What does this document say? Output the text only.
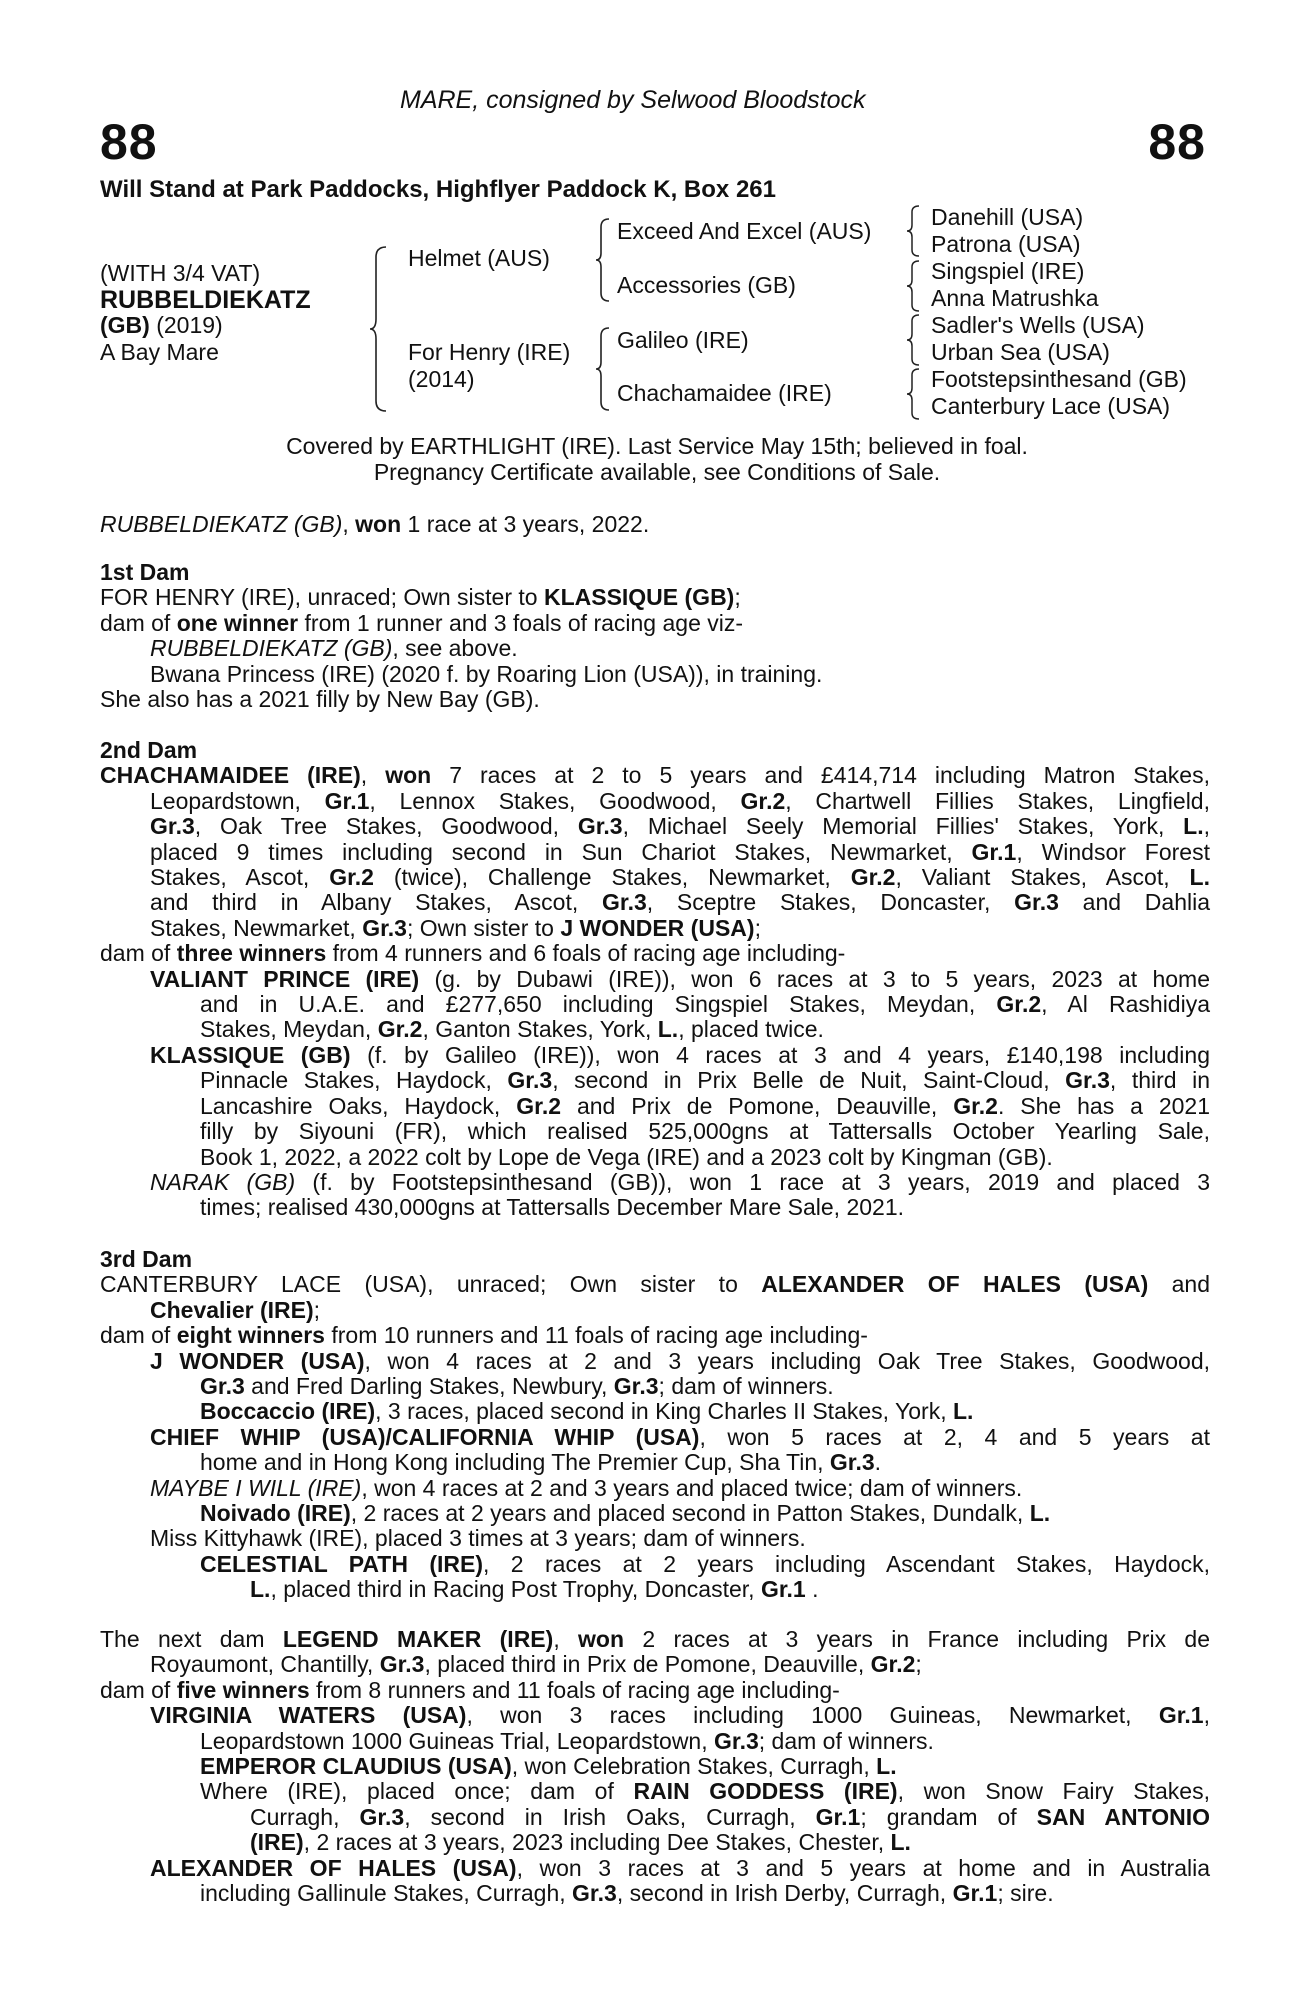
MARE, consigned by Selwood Bloodstock
88	88
Will Stand at Park Paddocks, Highflyer Paddock K, Box 261
(WITH 3/4 VAT)
RUBBELDIEKATZ
(GB) (2019)
A Bay Mare
Helmet (AUS)
For Henry (IRE)
(2014)
Exceed And Excel (AUS)
Accessories (GB)
Galileo (IRE)
Chachamaidee (IRE)
Danehill (USA)
Patrona (USA)
Singspiel (IRE)
Anna Matrushka
Sadler's Wells (USA)
Urban Sea (USA)
Footstepsinthesand (GB)
Canterbury Lace (USA)
Covered by EARTHLIGHT (IRE). Last Service May 15th; believed in foal.
Pregnancy Certificate available, see Conditions of Sale.
RUBBELDIEKATZ (GB), won 1 race at 3 years, 2022.
1st Dam
FOR HENRY (IRE), unraced; Own sister to KLASSIQUE (GB);
dam of one winner from 1 runner and 3 foals of racing age viz-
RUBBELDIEKATZ (GB), see above.
Bwana Princess (IRE) (2020 f. by Roaring Lion (USA)), in training.
She also has a 2021 filly by New Bay (GB).
2nd Dam
CHACHAMAIDEE (IRE), won 7 races at 2 to 5 years and £414,714 including Matron Stakes,
Leopardstown, Gr.1, Lennox Stakes, Goodwood, Gr.2, Chartwell Fillies Stakes, Lingfield,
Gr.3, Oak Tree Stakes, Goodwood, Gr.3, Michael Seely Memorial Fillies' Stakes, York, L.,
placed 9 times including second in Sun Chariot Stakes, Newmarket, Gr.1, Windsor Forest
Stakes, Ascot, Gr.2 (twice), Challenge Stakes, Newmarket, Gr.2, Valiant Stakes, Ascot, L.
and third in Albany Stakes, Ascot, Gr.3, Sceptre Stakes, Doncaster, Gr.3 and Dahlia
Stakes, Newmarket, Gr.3; Own sister to J WONDER (USA);
dam of three winners from 4 runners and 6 foals of racing age including-
VALIANT PRINCE (IRE) (g. by Dubawi (IRE)), won 6 races at 3 to 5 years, 2023 at home
and in U.A.E. and £277,650 including Singspiel Stakes, Meydan, Gr.2, Al Rashidiya
Stakes, Meydan, Gr.2, Ganton Stakes, York, L., placed twice.
KLASSIQUE (GB) (f. by Galileo (IRE)), won 4 races at 3 and 4 years, £140,198 including
Pinnacle Stakes, Haydock, Gr.3, second in Prix Belle de Nuit, Saint-Cloud, Gr.3, third in
Lancashire Oaks, Haydock, Gr.2 and Prix de Pomone, Deauville, Gr.2. She has a 2021
filly by Siyouni (FR), which realised 525,000gns at Tattersalls October Yearling Sale,
Book 1, 2022, a 2022 colt by Lope de Vega (IRE) and a 2023 colt by Kingman (GB).
NARAK (GB) (f. by Footstepsinthesand (GB)), won 1 race at 3 years, 2019 and placed 3
times; realised 430,000gns at Tattersalls December Mare Sale, 2021.
3rd Dam
CANTERBURY LACE (USA), unraced; Own sister to ALEXANDER OF HALES (USA) and
Chevalier (IRE);
dam of eight winners from 10 runners and 11 foals of racing age including-
J WONDER (USA), won 4 races at 2 and 3 years including Oak Tree Stakes, Goodwood,
Gr.3 and Fred Darling Stakes, Newbury, Gr.3; dam of winners.
Boccaccio (IRE), 3 races, placed second in King Charles II Stakes, York, L.
CHIEF WHIP (USA)/CALIFORNIA WHIP (USA), won 5 races at 2, 4 and 5 years at
home and in Hong Kong including The Premier Cup, Sha Tin, Gr.3.
MAYBE I WILL (IRE), won 4 races at 2 and 3 years and placed twice; dam of winners.
Noivado (IRE), 2 races at 2 years and placed second in Patton Stakes, Dundalk, L.
Miss Kittyhawk (IRE), placed 3 times at 3 years; dam of winners.
CELESTIAL PATH (IRE), 2 races at 2 years including Ascendant Stakes, Haydock,
L., placed third in Racing Post Trophy, Doncaster, Gr.1 .
The next dam LEGEND MAKER (IRE), won 2 races at 3 years in France including Prix de
Royaumont, Chantilly, Gr.3, placed third in Prix de Pomone, Deauville, Gr.2;
dam of five winners from 8 runners and 11 foals of racing age including-
VIRGINIA WATERS (USA), won 3 races including 1000 Guineas, Newmarket, Gr.1,
Leopardstown 1000 Guineas Trial, Leopardstown, Gr.3; dam of winners.
EMPEROR CLAUDIUS (USA), won Celebration Stakes, Curragh, L.
Where (IRE), placed once; dam of RAIN GODDESS (IRE), won Snow Fairy Stakes,
Curragh, Gr.3, second in Irish Oaks, Curragh, Gr.1; grandam of SAN ANTONIO
(IRE), 2 races at 3 years, 2023 including Dee Stakes, Chester, L.
ALEXANDER OF HALES (USA), won 3 races at 3 and 5 years at home and in Australia
including Gallinule Stakes, Curragh, Gr.3, second in Irish Derby, Curragh, Gr.1; sire.
